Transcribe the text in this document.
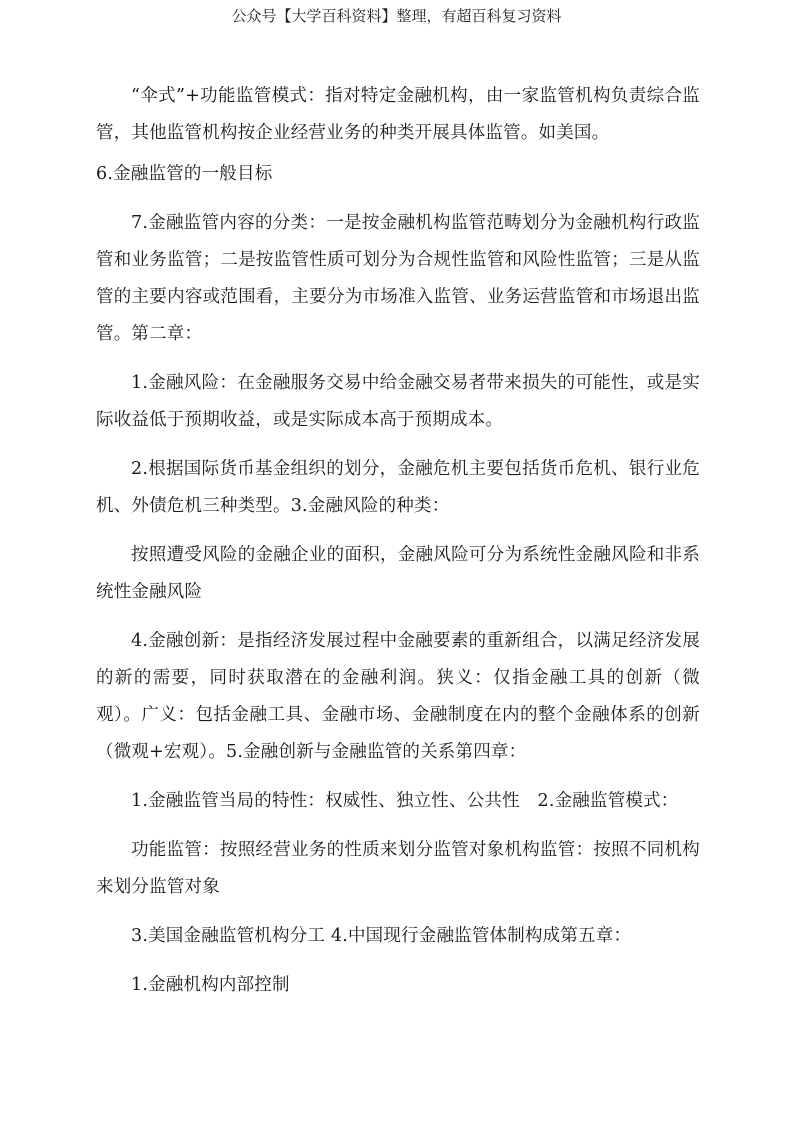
公众号【大学百科资料】整理，有超百科复习资料

“伞式”+功能监管模式：指对特定金融机构，由一家监管机构负责综合监管，其他监管机构按企业经营业务的种类开展具体监管。如美国。

6.金融监管的一般目标

7.金融监管内容的分类：一是按金融机构监管范畴划分为金融机构行政监管和业务监管；二是按监管性质可划分为合规性监管和风险性监管；三是从监管的主要内容或范围看，主要分为市场准入监管、业务运营监管和市场退出监管。第二章：

1.金融风险：在金融服务交易中给金融交易者带来损失的可能性，或是实际收益低于预期收益，或是实际成本高于预期成本。

2.根据国际货币基金组织的划分，金融危机主要包括货币危机、银行业危机、外债危机三种类型。3.金融风险的种类：

按照遭受风险的金融企业的面积，金融风险可分为系统性金融风险和非系统性金融风险

4.金融创新：是指经济发展过程中金融要素的重新组合，以满足经济发展的新的需要，同时获取潜在的金融利润。狭义：仅指金融工具的创新（微观）。广义：包括金融工具、金融市场、金融制度在内的整个金融体系的创新（微观+宏观）。5.金融创新与金融监管的关系第四章：

1.金融监管当局的特性：权威性、独立性、公共性　2.金融监管模式：

功能监管：按照经营业务的性质来划分监管对象机构监管：按照不同机构来划分监管对象

3.美国金融监管机构分工 4.中国现行金融监管体制构成第五章：

1.金融机构内部控制
